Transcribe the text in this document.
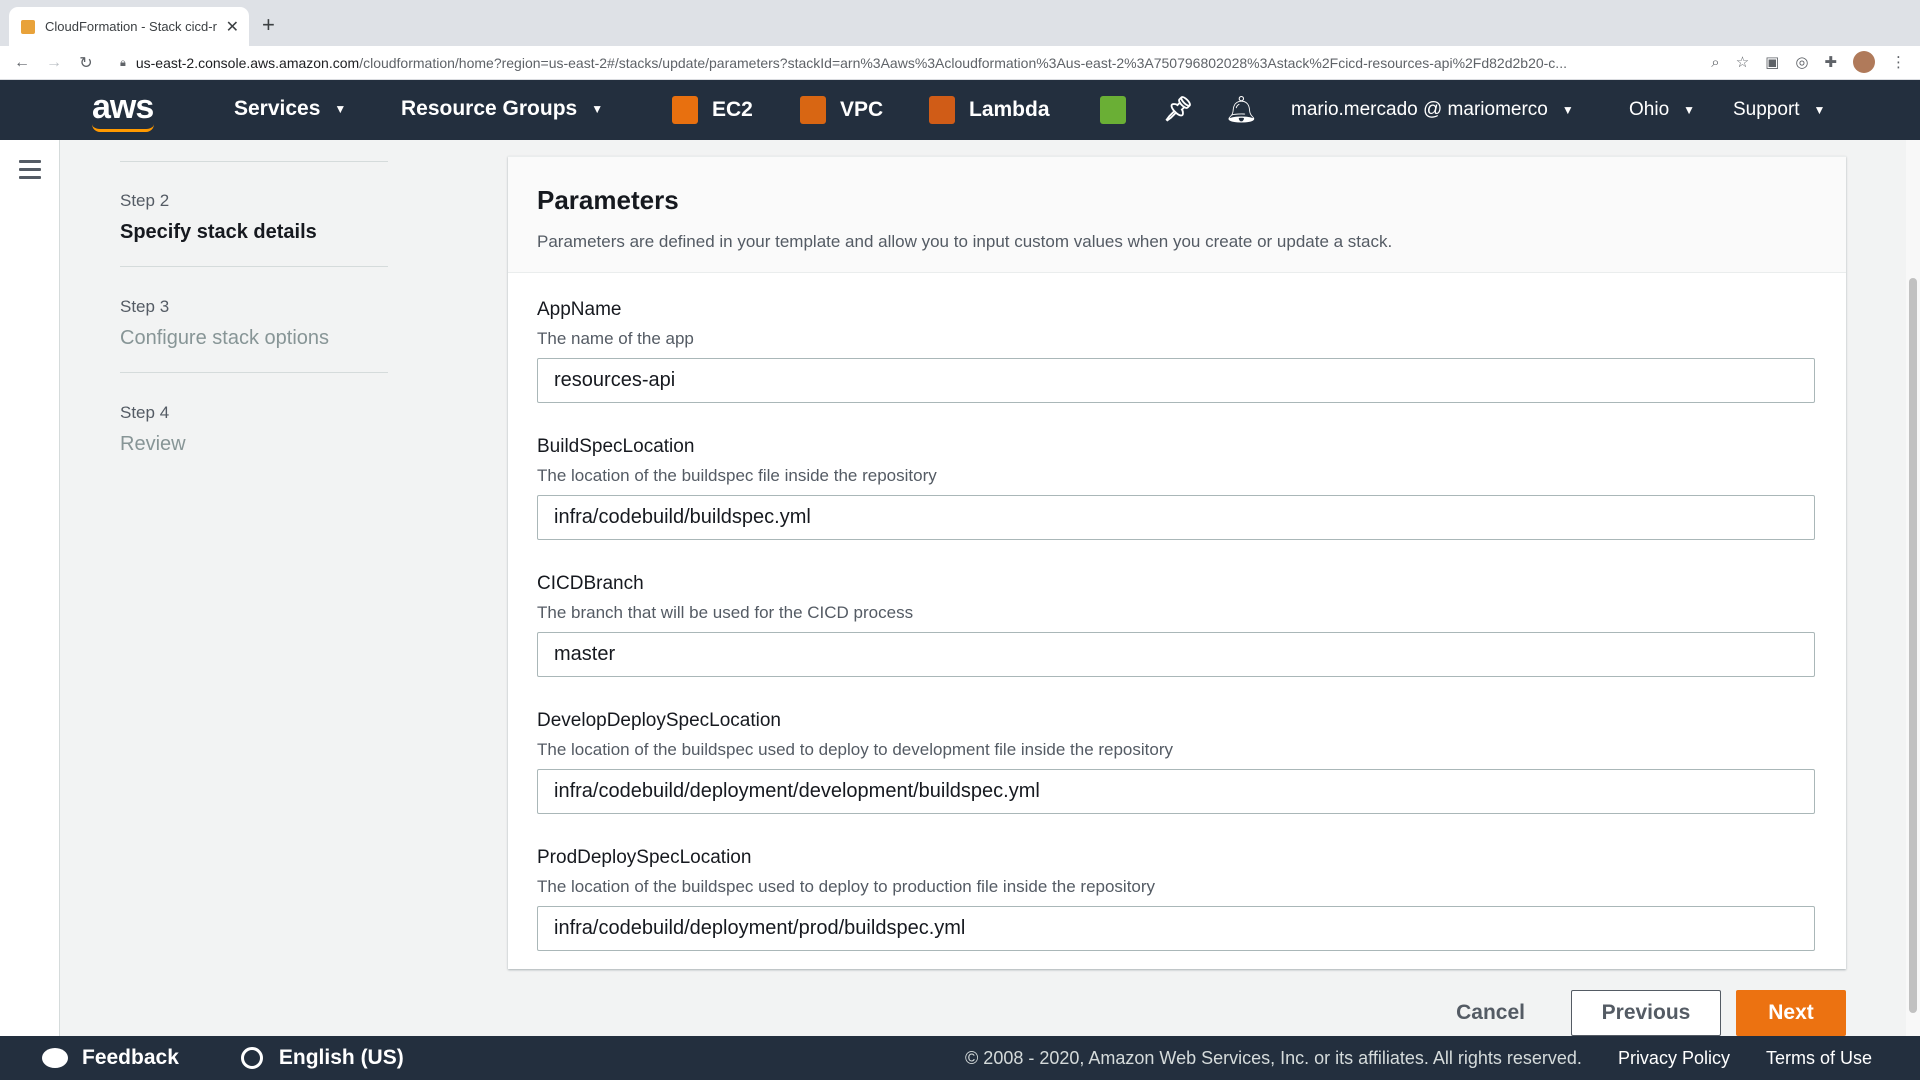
CloudFormation - Stack cicd-r ✕ +
←	→	↻	🔒︎ us-east-2.console.aws.amazon.com/cloudformation/home?region=us-east-2#/stacks/update/parameters?stackId=arn%3Aaws%3Acloudformation%3Aus-east-2%3A750796802028%3Astack%2Fcicd-resources-api%2Fd82d2b20-c...	⌕ ☆ ▣ ◎ ✚	⋮
aws	Services ▼	Resource Groups ▼	EC2	VPC	Lambda	📌︎ 🔔︎ mario.mercado @ mariomerco ▼	Ohio ▼ Support ▼
Step 2
Specify stack details
Step 3
Configure stack options
Step 4
Review
Parameters
Parameters are defined in your template and allow you to input custom values when you create or update a stack.
AppName
The name of the app
resources-api
BuildSpecLocation
The location of the buildspec file inside the repository
infra/codebuild/buildspec.yml
CICDBranch
The branch that will be used for the CICD process
master
DevelopDeploySpecLocation
The location of the buildspec used to deploy to development file inside the repository
infra/codebuild/deployment/development/buildspec.yml
ProdDeploySpecLocation
The location of the buildspec used to deploy to production file inside the repository
infra/codebuild/deployment/prod/buildspec.yml
Cancel	Previous	Next
Feedback	English (US)	© 2008 - 2020, Amazon Web Services, Inc. or its affiliates. All rights reserved. Privacy Policy Terms of Use
